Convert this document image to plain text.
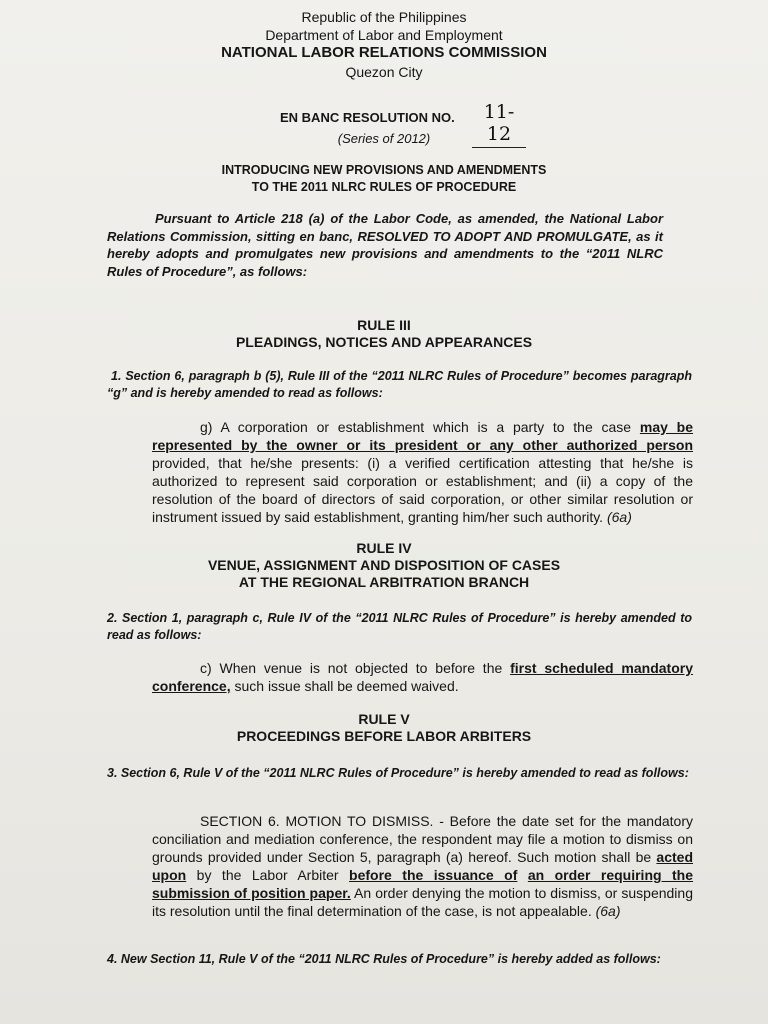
Republic of the Philippines
Department of Labor and Employment
NATIONAL LABOR RELATIONS COMMISSION
Quezon City
EN BANC RESOLUTION NO.	11-12
(Series of 2012)
INTRODUCING NEW PROVISIONS AND AMENDMENTS
TO THE 2011 NLRC RULES OF PROCEDURE
Pursuant to Article 218 (a) of the Labor Code, as amended, the National Labor Relations Commission, sitting en banc, RESOLVED TO ADOPT AND PROMULGATE, as it hereby adopts and promulgates new provisions and amendments to the “2011 NLRC Rules of Procedure”, as follows:
RULE III
PLEADINGS, NOTICES AND APPEARANCES
1. Section 6, paragraph b (5), Rule III of the “2011 NLRC Rules of Procedure” becomes paragraph “g” and is hereby amended to read as follows:
g) A corporation or establishment which is a party to the case may be represented by the owner or its president or any other authorized person provided, that he/she presents: (i) a verified certification attesting that he/she is authorized to represent said corporation or establishment; and (ii) a copy of the resolution of the board of directors of said corporation, or other similar resolution or instrument issued by said establishment, granting him/her such authority. (6a)
RULE IV
VENUE, ASSIGNMENT AND DISPOSITION OF CASES
AT THE REGIONAL ARBITRATION BRANCH
2. Section 1, paragraph c, Rule IV of the “2011 NLRC Rules of Procedure” is hereby amended to read as follows:
c) When venue is not objected to before the first scheduled mandatory conference, such issue shall be deemed waived.
RULE V
PROCEEDINGS BEFORE LABOR ARBITERS
3. Section 6, Rule V of the “2011 NLRC Rules of Procedure” is hereby amended to read as follows:
SECTION 6. MOTION TO DISMISS. - Before the date set for the mandatory conciliation and mediation conference, the respondent may file a motion to dismiss on grounds provided under Section 5, paragraph (a) hereof. Such motion shall be acted upon by the Labor Arbiter before the issuance of an order requiring the submission of position paper. An order denying the motion to dismiss, or suspending its resolution until the final determination of the case, is not appealable. (6a)
4. New Section 11, Rule V of the “2011 NLRC Rules of Procedure” is hereby added as follows:
